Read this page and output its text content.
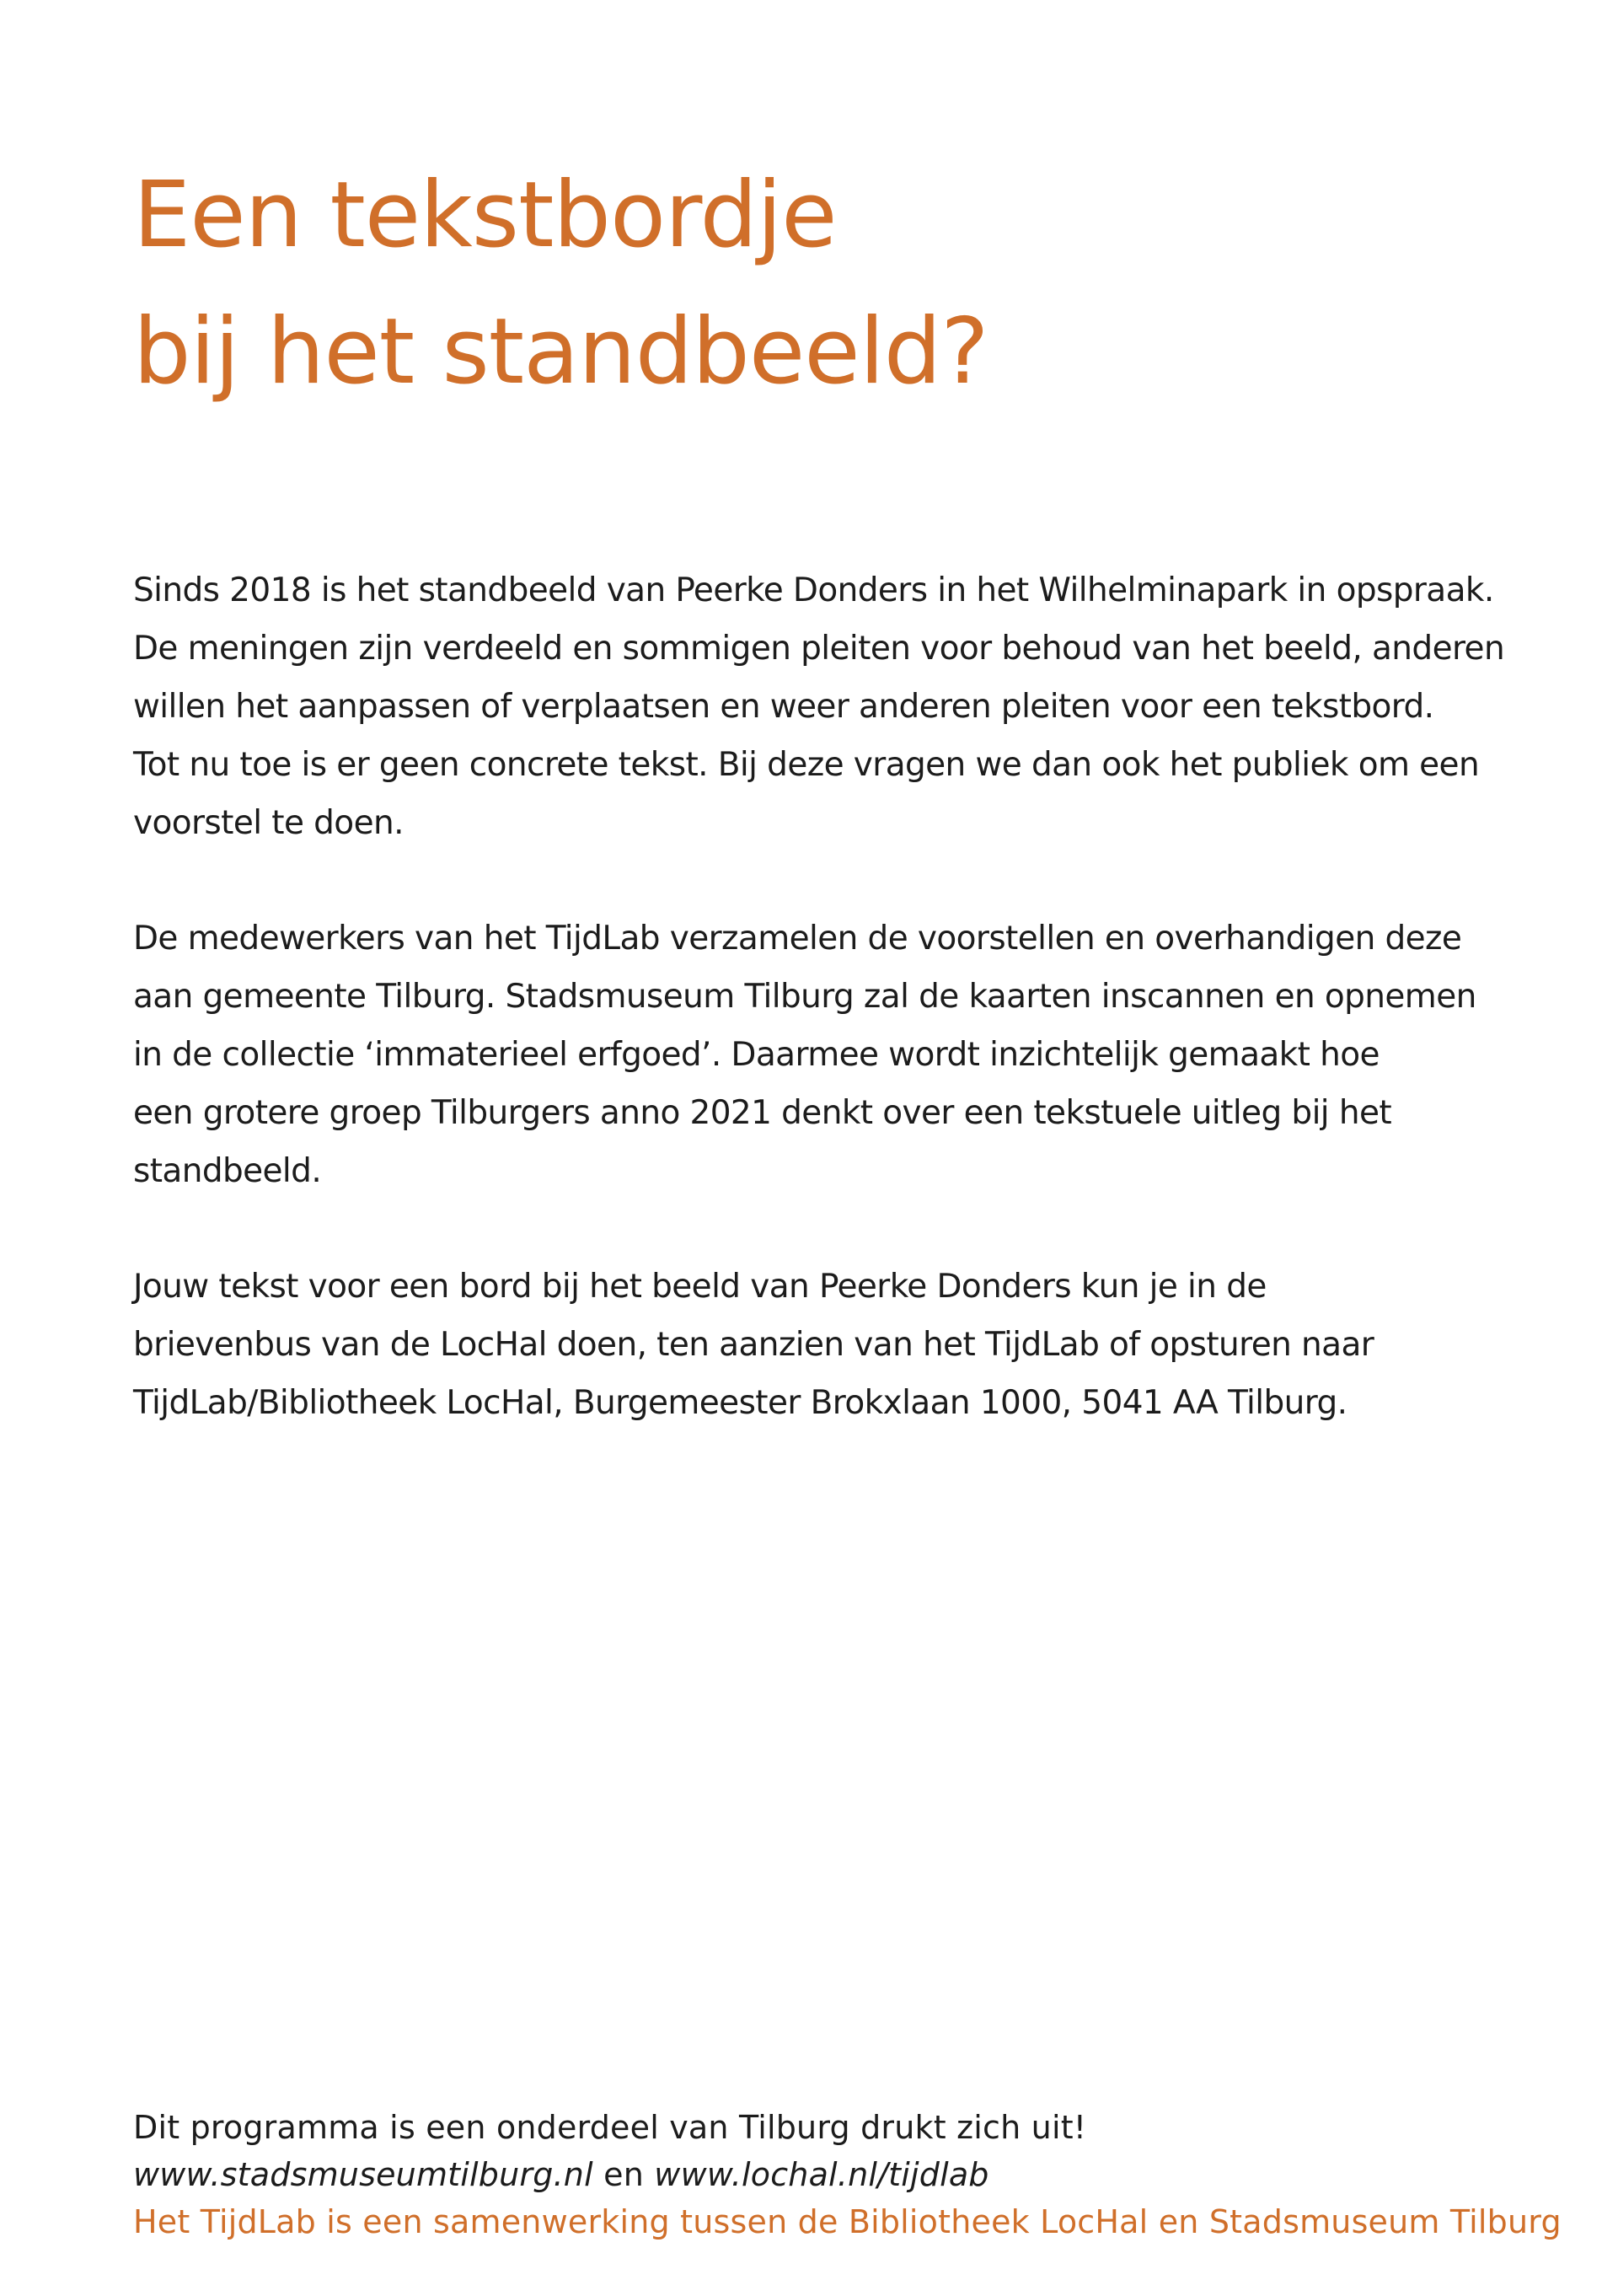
Een tekstbordje
bij het standbeeld?

Sinds 2018 is het standbeeld van Peerke Donders in het Wilhelminapark in opspraak.
De meningen zijn verdeeld en sommigen pleiten voor behoud van het beeld, anderen
willen het aanpassen of verplaatsen en weer anderen pleiten voor een tekstbord.
Tot nu toe is er geen concrete tekst. Bij deze vragen we dan ook het publiek om een
voorstel te doen.

De medewerkers van het TijdLab verzamelen de voorstellen en overhandigen deze
aan gemeente Tilburg. Stadsmuseum Tilburg zal de kaarten inscannen en opnemen
in de collectie ‘immaterieel erfgoed’. Daarmee wordt inzichtelijk gemaakt hoe
een grotere groep Tilburgers anno 2021 denkt over een tekstuele uitleg bij het
standbeeld.

Jouw tekst voor een bord bij het beeld van Peerke Donders kun je in de
brievenbus van de LocHal doen, ten aanzien van het TijdLab of opsturen naar
TijdLab/Bibliotheek LocHal, Burgemeester Brokxlaan 1000, 5041 AA Tilburg.

Dit programma is een onderdeel van Tilburg drukt zich uit!
www.stadsmuseumtilburg.nl en www.lochal.nl/tijdlab
Het TijdLab is een samenwerking tussen de Bibliotheek LocHal en Stadsmuseum Tilburg
